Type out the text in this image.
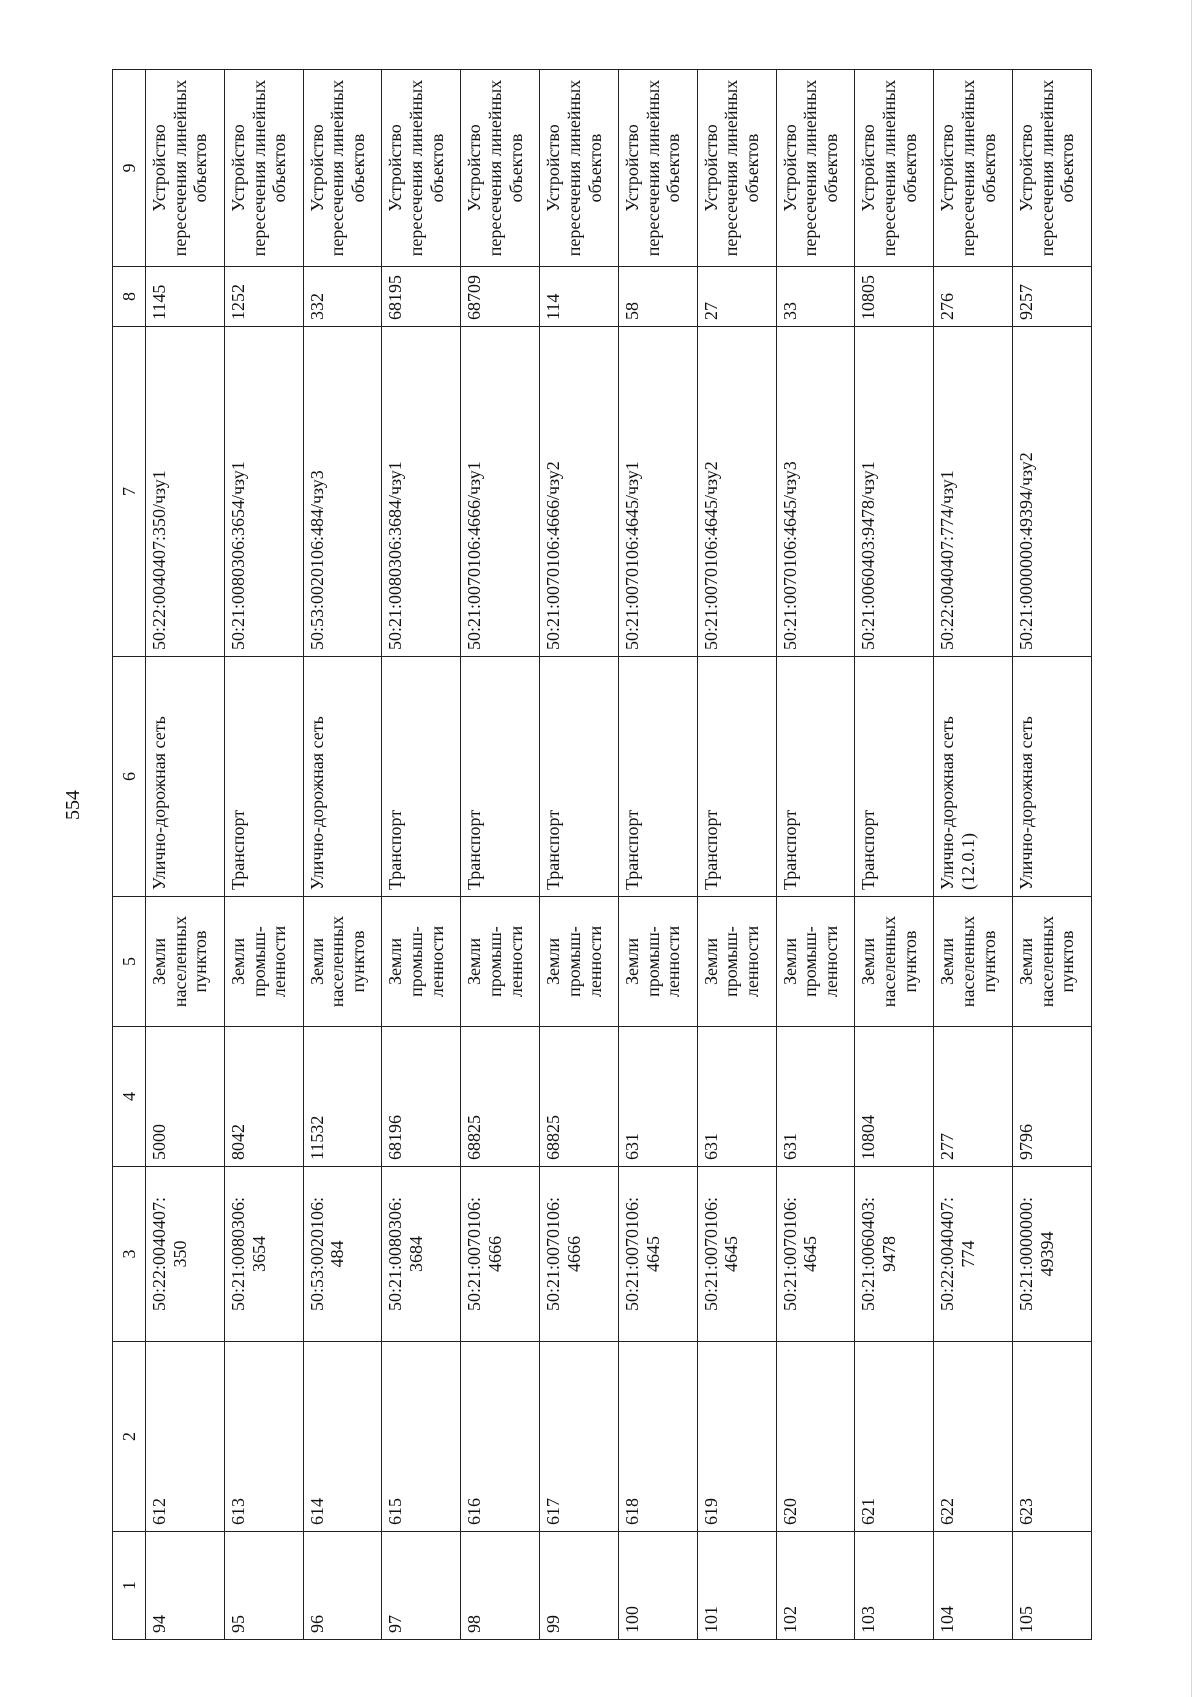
554
1	2	3	4	5	6	7	8	9
94	612	50:22:0040407:
350	5000	Земли населенных пунктов	Улично-дорожная сеть	50:22:0040407:350/чзу1	1145	Устройство пересечения линейных объектов
95	613	50:21:0080306:
3654	8042	Земли промыш-ленности	Транспорт	50:21:0080306:3654/чзу1	1252	Устройство пересечения линейных объектов
96	614	50:53:0020106:
484	11532	Земли населенных пунктов	Улично-дорожная сеть	50:53:0020106:484/чзу3	332	Устройство пересечения линейных объектов
97	615	50:21:0080306:
3684	68196	Земли промыш-ленности	Транспорт	50:21:0080306:3684/чзу1	68195	Устройство пересечения линейных объектов
98	616	50:21:0070106:
4666	68825	Земли промыш-ленности	Транспорт	50:21:0070106:4666/чзу1	68709	Устройство пересечения линейных объектов
99	617	50:21:0070106:
4666	68825	Земли промыш-ленности	Транспорт	50:21:0070106:4666/чзу2	114	Устройство пересечения линейных объектов
100	618	50:21:0070106:
4645	631	Земли промыш-ленности	Транспорт	50:21:0070106:4645/чзу1	58	Устройство пересечения линейных объектов
101	619	50:21:0070106:
4645	631	Земли промыш-ленности	Транспорт	50:21:0070106:4645/чзу2	27	Устройство пересечения линейных объектов
102	620	50:21:0070106:
4645	631	Земли промыш-ленности	Транспорт	50:21:0070106:4645/чзу3	33	Устройство пересечения линейных объектов
103	621	50:21:0060403:
9478	10804	Земли населенных пунктов	Транспорт	50:21:0060403:9478/чзу1	10805	Устройство пересечения линейных объектов
104	622	50:22:0040407:
774	277	Земли населенных пунктов	Улично-дорожная сеть (12.0.1)	50:22:0040407:774/чзу1	276	Устройство пересечения линейных объектов
105	623	50:21:0000000:
49394	9796	Земли населенных пунктов	Улично-дорожная сеть	50:21:0000000:49394/чзу2	9257	Устройство пересечения линейных объектов
